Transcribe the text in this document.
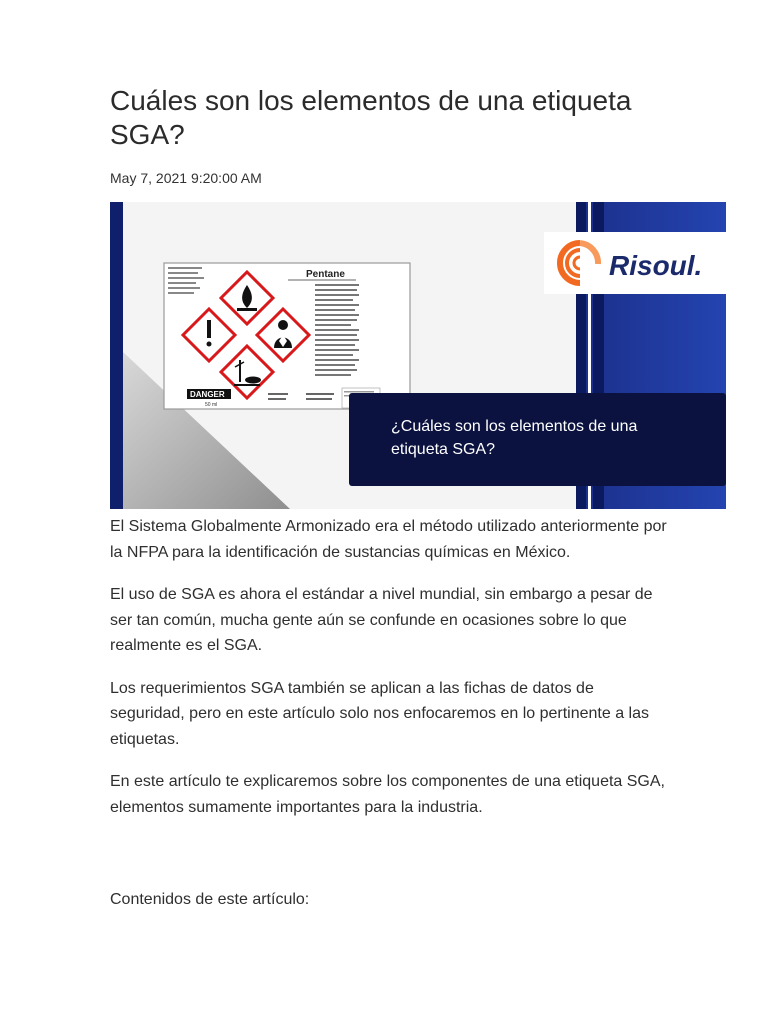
Cuáles son los elementos de una etiqueta SGA?
May 7, 2021 9:20:00 AM
Pentane
DANGER
50 ml
Risoul.
¿Cuáles son los elementos de una
etiqueta SGA?

El Sistema Globalmente Armonizado era el método utilizado anteriormente por la NFPA para la identificación de sustancias químicas en México.

El uso de SGA es ahora el estándar a nivel mundial, sin embargo a pesar de ser tan común, mucha gente aún se confunde en ocasiones sobre lo que realmente es el SGA.

Los requerimientos SGA también se aplican a las fichas de datos de seguridad, pero en este artículo solo nos enfocaremos en lo pertinente a las etiquetas.

En este artículo te explicaremos sobre los componentes de una etiqueta SGA, elementos sumamente importantes para la industria.

Contenidos de este artículo:
